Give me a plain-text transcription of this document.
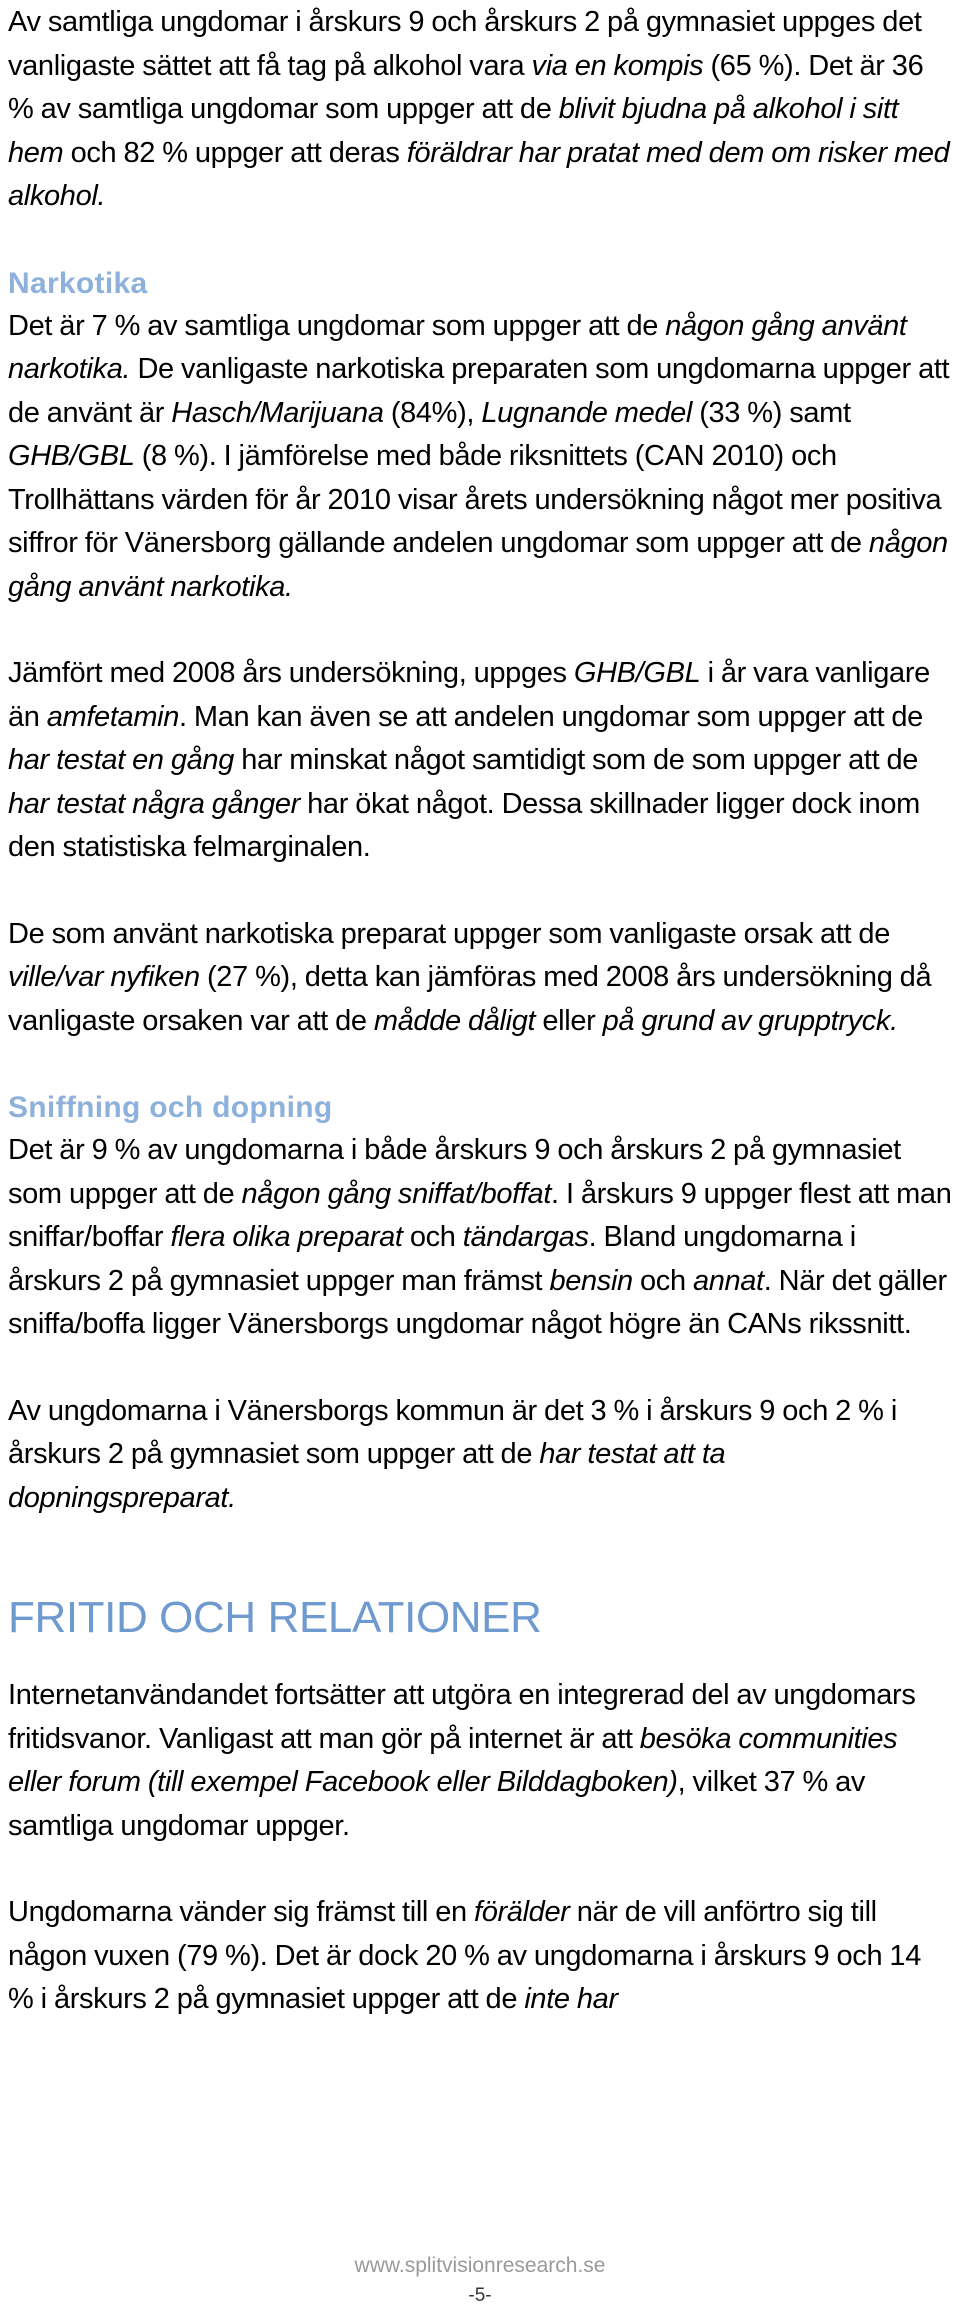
Av samtliga ungdomar i årskurs 9 och årskurs 2 på gymnasiet uppges det vanligaste sättet att få tag på alkohol vara via en kompis (65 %). Det är 36 % av samtliga ungdomar som uppger att de blivit bjudna på alkohol i sitt hem och 82 % uppger att deras föräldrar har pratat med dem om risker med alkohol.

Narkotika

Det är 7 % av samtliga ungdomar som uppger att de någon gång använt narkotika. De vanligaste narkotiska preparaten som ungdomarna uppger att de använt är Hasch/Marijuana (84%), Lugnande medel (33 %) samt GHB/GBL (8 %). I jämförelse med både riksnittets (CAN 2010) och Trollhättans värden för år 2010 visar årets undersökning något mer positiva siffror för Vänersborg gällande andelen ungdomar som uppger att de någon gång använt narkotika.

Jämfört med 2008 års undersökning, uppges GHB/GBL i år vara vanligare än amfetamin. Man kan även se att andelen ungdomar som uppger att de har testat en gång har minskat något samtidigt som de som uppger att de har testat några gånger har ökat något. Dessa skillnader ligger dock inom den statistiska felmarginalen.

De som använt narkotiska preparat uppger som vanligaste orsak att de ville/var nyfiken (27 %), detta kan jämföras med 2008 års undersökning då vanligaste orsaken var att de mådde dåligt eller på grund av grupptryck.

Sniffning och dopning

Det är 9 % av ungdomarna i både årskurs 9 och årskurs 2 på gymnasiet som uppger att de någon gång sniffat/boffat. I årskurs 9 uppger flest att man sniffar/boffar flera olika preparat och tändargas. Bland ungdomarna i årskurs 2 på gymnasiet uppger man främst bensin och annat. När det gäller sniffa/boffa ligger Vänersborgs ungdomar något högre än CANs rikssnitt.

Av ungdomarna i Vänersborgs kommun är det 3 % i årskurs 9 och 2 % i årskurs 2 på gymnasiet som uppger att de har testat att ta dopningspreparat.

FRITID OCH RELATIONER

Internetanvändandet fortsätter att utgöra en integrerad del av ungdomars fritidsvanor. Vanligast att man gör på internet är att besöka communities eller forum (till exempel Facebook eller Bilddagboken), vilket 37 % av samtliga ungdomar uppger.

Ungdomarna vänder sig främst till en förälder när de vill anförtro sig till någon vuxen (79 %). Det är dock 20 % av ungdomarna i årskurs 9 och 14 % i årskurs 2 på gymnasiet uppger att de inte har

www.splitvisionresearch.se
-5-
